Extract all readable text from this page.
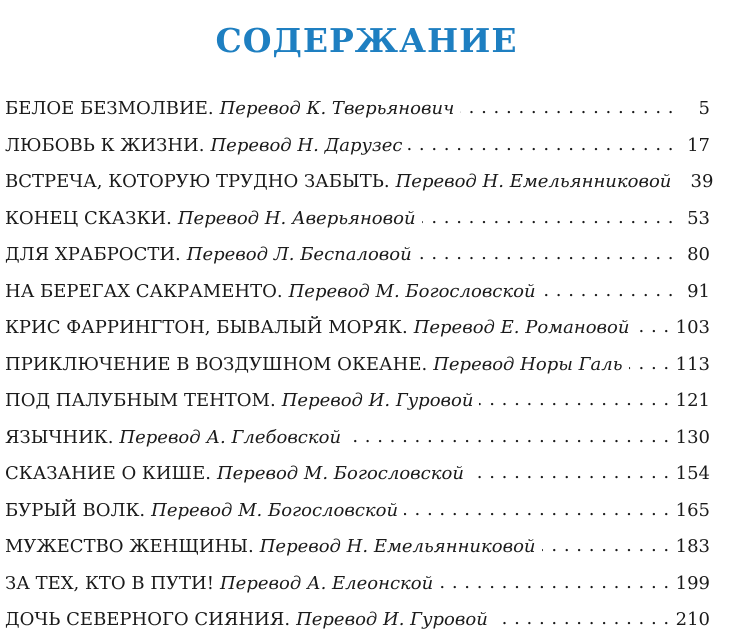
СОДЕРЖАНИЕ
БЕЛОЕ БЕЗМОЛВИЕ. Перевод К. Тверьянович . . .	5
ЛЮБОВЬ К ЖИЗНИ. Перевод Н. Дарузес . . .	17
ВСТРЕЧА, КОТОРУЮ ТРУДНО ЗАБЫТЬ. Перевод Н. Емельянниковой	39
КОНЕЦ СКАЗКИ. Перевод Н. Аверьяновой . . .	53
ДЛЯ ХРАБРОСТИ. Перевод Л. Беспаловой . . .	80
НА БЕРЕГАХ САКРАМЕНТО. Перевод М. Богословской . . .	91
КРИС ФАРРИНГТОН, БЫВАЛЫЙ МОРЯК. Перевод Е. Романовой . . .	103
ПРИКЛЮЧЕНИЕ В ВОЗДУШНОМ ОКЕАНЕ. Перевод Норы Галь . . .	113
ПОД ПАЛУБНЫМ ТЕНТОМ. Перевод И. Гуровой . . .	121
ЯЗЫЧНИК. Перевод А. Глебовской . . .	130
СКАЗАНИЕ О КИШЕ. Перевод М. Богословской . . .	154
БУРЫЙ ВОЛК. Перевод М. Богословской . . .	165
МУЖЕСТВО ЖЕНЩИНЫ. Перевод Н. Емельянниковой . . .	183
ЗА ТЕХ, КТО В ПУТИ! Перевод А. Елеонской . . .	199
ДОЧЬ СЕВЕРНОГО СИЯНИЯ. Перевод И. Гуровой . . .	210
